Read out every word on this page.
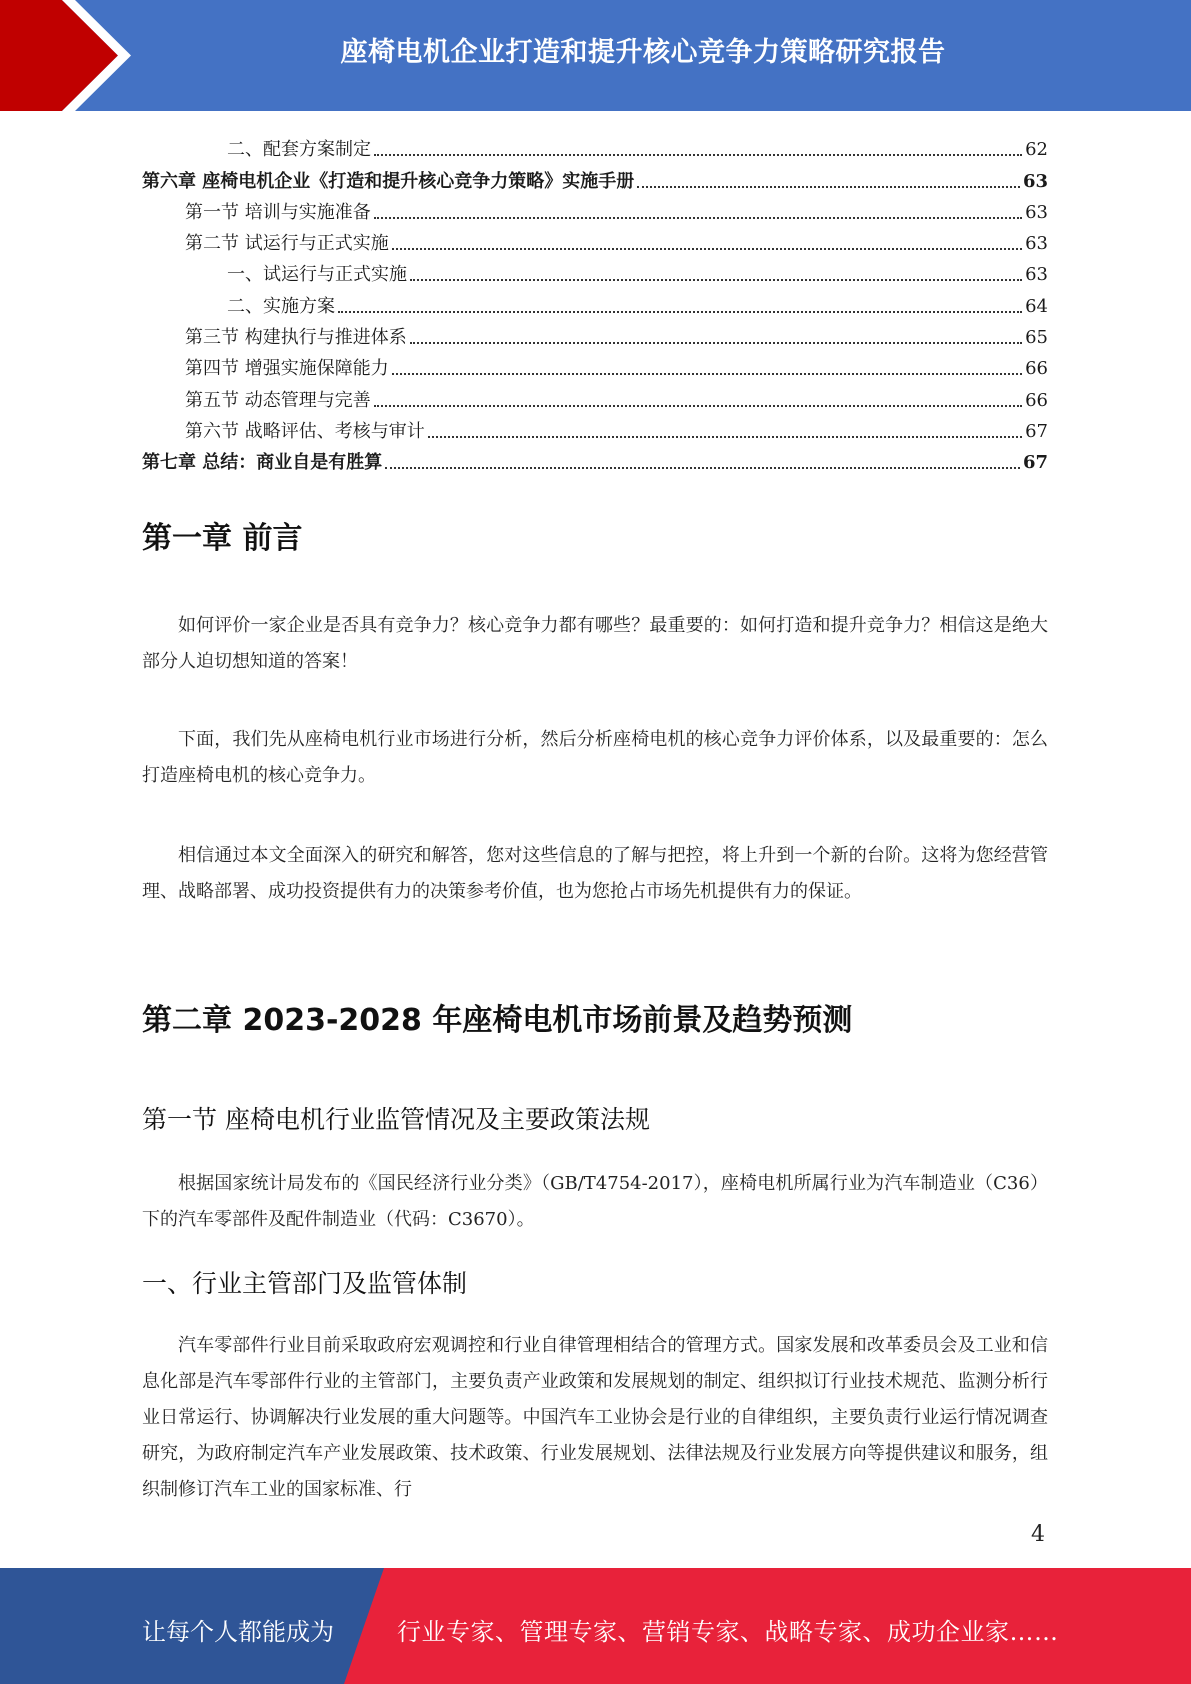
座椅电机企业打造和提升核心竞争力策略研究报告
二、配套方案制定	62
第六章 座椅电机企业《打造和提升核心竞争力策略》实施手册	63
第一节 培训与实施准备	63
第二节 试运行与正式实施	63
一、试运行与正式实施	63
二、实施方案	64
第三节 构建执行与推进体系	65
第四节 增强实施保障能力	66
第五节 动态管理与完善	66
第六节 战略评估、考核与审计	67
第七章 总结：商业自是有胜算	67
第一章 前言
如何评价一家企业是否具有竞争力？核心竞争力都有哪些？最重要的：如何打造和提升竞争力？相信这是绝大部分人迫切想知道的答案！
下面，我们先从座椅电机行业市场进行分析，然后分析座椅电机的核心竞争力评价体系，以及最重要的：怎么打造座椅电机的核心竞争力。
相信通过本文全面深入的研究和解答，您对这些信息的了解与把控，将上升到一个新的台阶。这将为您经营管理、战略部署、成功投资提供有力的决策参考价值，也为您抢占市场先机提供有力的保证。
第二章 2023-2028 年座椅电机市场前景及趋势预测
第一节 座椅电机行业监管情况及主要政策法规
根据国家统计局发布的《国民经济行业分类》（GB/T4754-2017），座椅电机所属行业为汽车制造业（C36）下的汽车零部件及配件制造业（代码：C3670）。
一、行业主管部门及监管体制
汽车零部件行业目前采取政府宏观调控和行业自律管理相结合的管理方式。国家发展和改革委员会及工业和信息化部是汽车零部件行业的主管部门，主要负责产业政策和发展规划的制定、组织拟订行业技术规范、监测分析行业日常运行、协调解决行业发展的重大问题等。中国汽车工业协会是行业的自律组织，主要负责行业运行情况调查研究，为政府制定汽车产业发展政策、技术政策、行业发展规划、法律法规及行业发展方向等提供建议和服务，组织制修订汽车工业的国家标准、行
4
让每个人都能成为	行业专家、管理专家、营销专家、战略专家、成功企业家……
